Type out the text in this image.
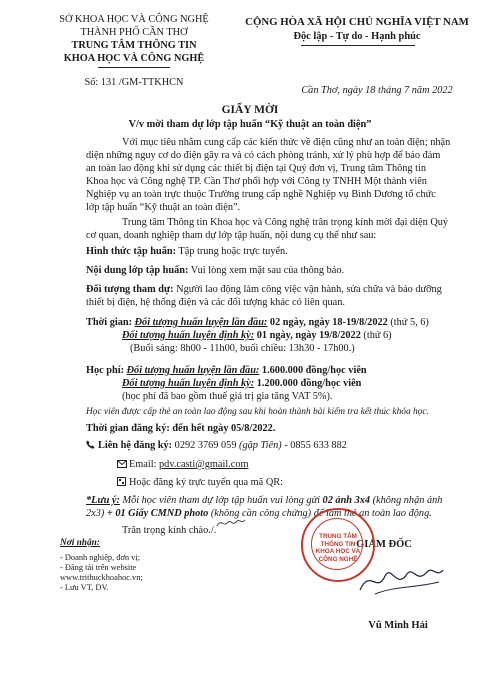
SỞ KHOA HỌC VÀ CÔNG NGHỆ
THÀNH PHỐ CẦN THƠ
TRUNG TÂM THÔNG TIN
KHOA HỌC VÀ CÔNG NGHỆ
Số: 131 /GM-TTKHCN
CỘNG HÒA XÃ HỘI CHỦ NGHĨA VIỆT NAM
Độc lập - Tự do - Hạnh phúc
Cần Thơ, ngày 18 tháng 7 năm 2022
GIẤY MỜI
V/v mời tham dự lớp tập huấn “Kỹ thuật an toàn điện”
Với mục tiêu nhằm cung cấp các kiến thức về điện cũng như an toàn điện; nhận
diện những nguy cơ do điện gây ra và có cách phòng tránh, xử lý phù hợp để bảo đảm
an toàn lao động khi sử dụng các thiết bị điện tại Quý đơn vị, Trung tâm Thông tin
Khoa học và Công nghệ TP. Cần Thơ phối hợp với Công ty TNHH Một thành viên
Nghiệp vụ an toàn trực thuộc Trường trung cấp nghề Nghiệp vụ Bình Dương tổ chức
lớp tập huấn “Kỹ thuật an toàn điện”.
Trung tâm Thông tin Khoa học và Công nghệ trân trọng kính mời đại diện Quý
cơ quan, doanh nghiệp tham dự lớp tập huấn, nội dung cụ thể như sau:
Hình thức tập huấn: Tập trung hoặc trực tuyến.
Nội dung lớp tập huấn: Vui lòng xem mặt sau của thông báo.
Đối tượng tham dự: Người lao động làm công việc vận hành, sửa chữa và bảo dưỡng
thiết bị điện, hệ thống điện và các đối tượng khác có liên quan.
Thời gian: Đối tượng huấn luyện lần đầu: 02 ngày, ngày 18-19/8/2022 (thứ 5, 6)
Đối tượng huấn luyện định kỳ: 01 ngày, ngày 19/8/2022 (thứ 6)
(Buổi sáng: 8h00 - 11h00, buổi chiều: 13h30 - 17h00.)
Học phí: Đối tượng huấn luyện lần đầu: 1.600.000 đồng/học viên
Đối tượng huấn luyện định kỳ: 1.200.000 đồng/học viên
(học phí đã bao gồm thuế giá trị gia tăng VAT 5%).
Học viên được cấp thẻ an toàn lao động sau khi hoàn thành bài kiểm tra kết thúc khóa học.
Thời gian đăng ký: đến hết ngày 05/8/2022.
Liên hệ đăng ký: 0292 3769 059 (gặp Tiên) - 0855 633 882
Email: pdv.casti@gmail.com
Hoặc đăng ký trực tuyến qua mã QR:
*Lưu ý: Mỗi học viên tham dự lớp tập huấn vui lòng gửi 02 ảnh 3x4 (không nhận ảnh
2x3) + 01 Giấy CMND photo (không cần công chứng) để làm thẻ an toàn lao động.
Trân trọng kính chào./.
Nơi nhận:
- Doanh nghiệp, đơn vị;
- Đăng tải trên website
www.trithuckhoahoc.vn;
- Lưu VT, DV.
GIÁM ĐỐC
TRUNG TÂM
THÔNG TIN
KHOA HỌC VÀ
CÔNG NGHỆ
Vũ Minh Hải
